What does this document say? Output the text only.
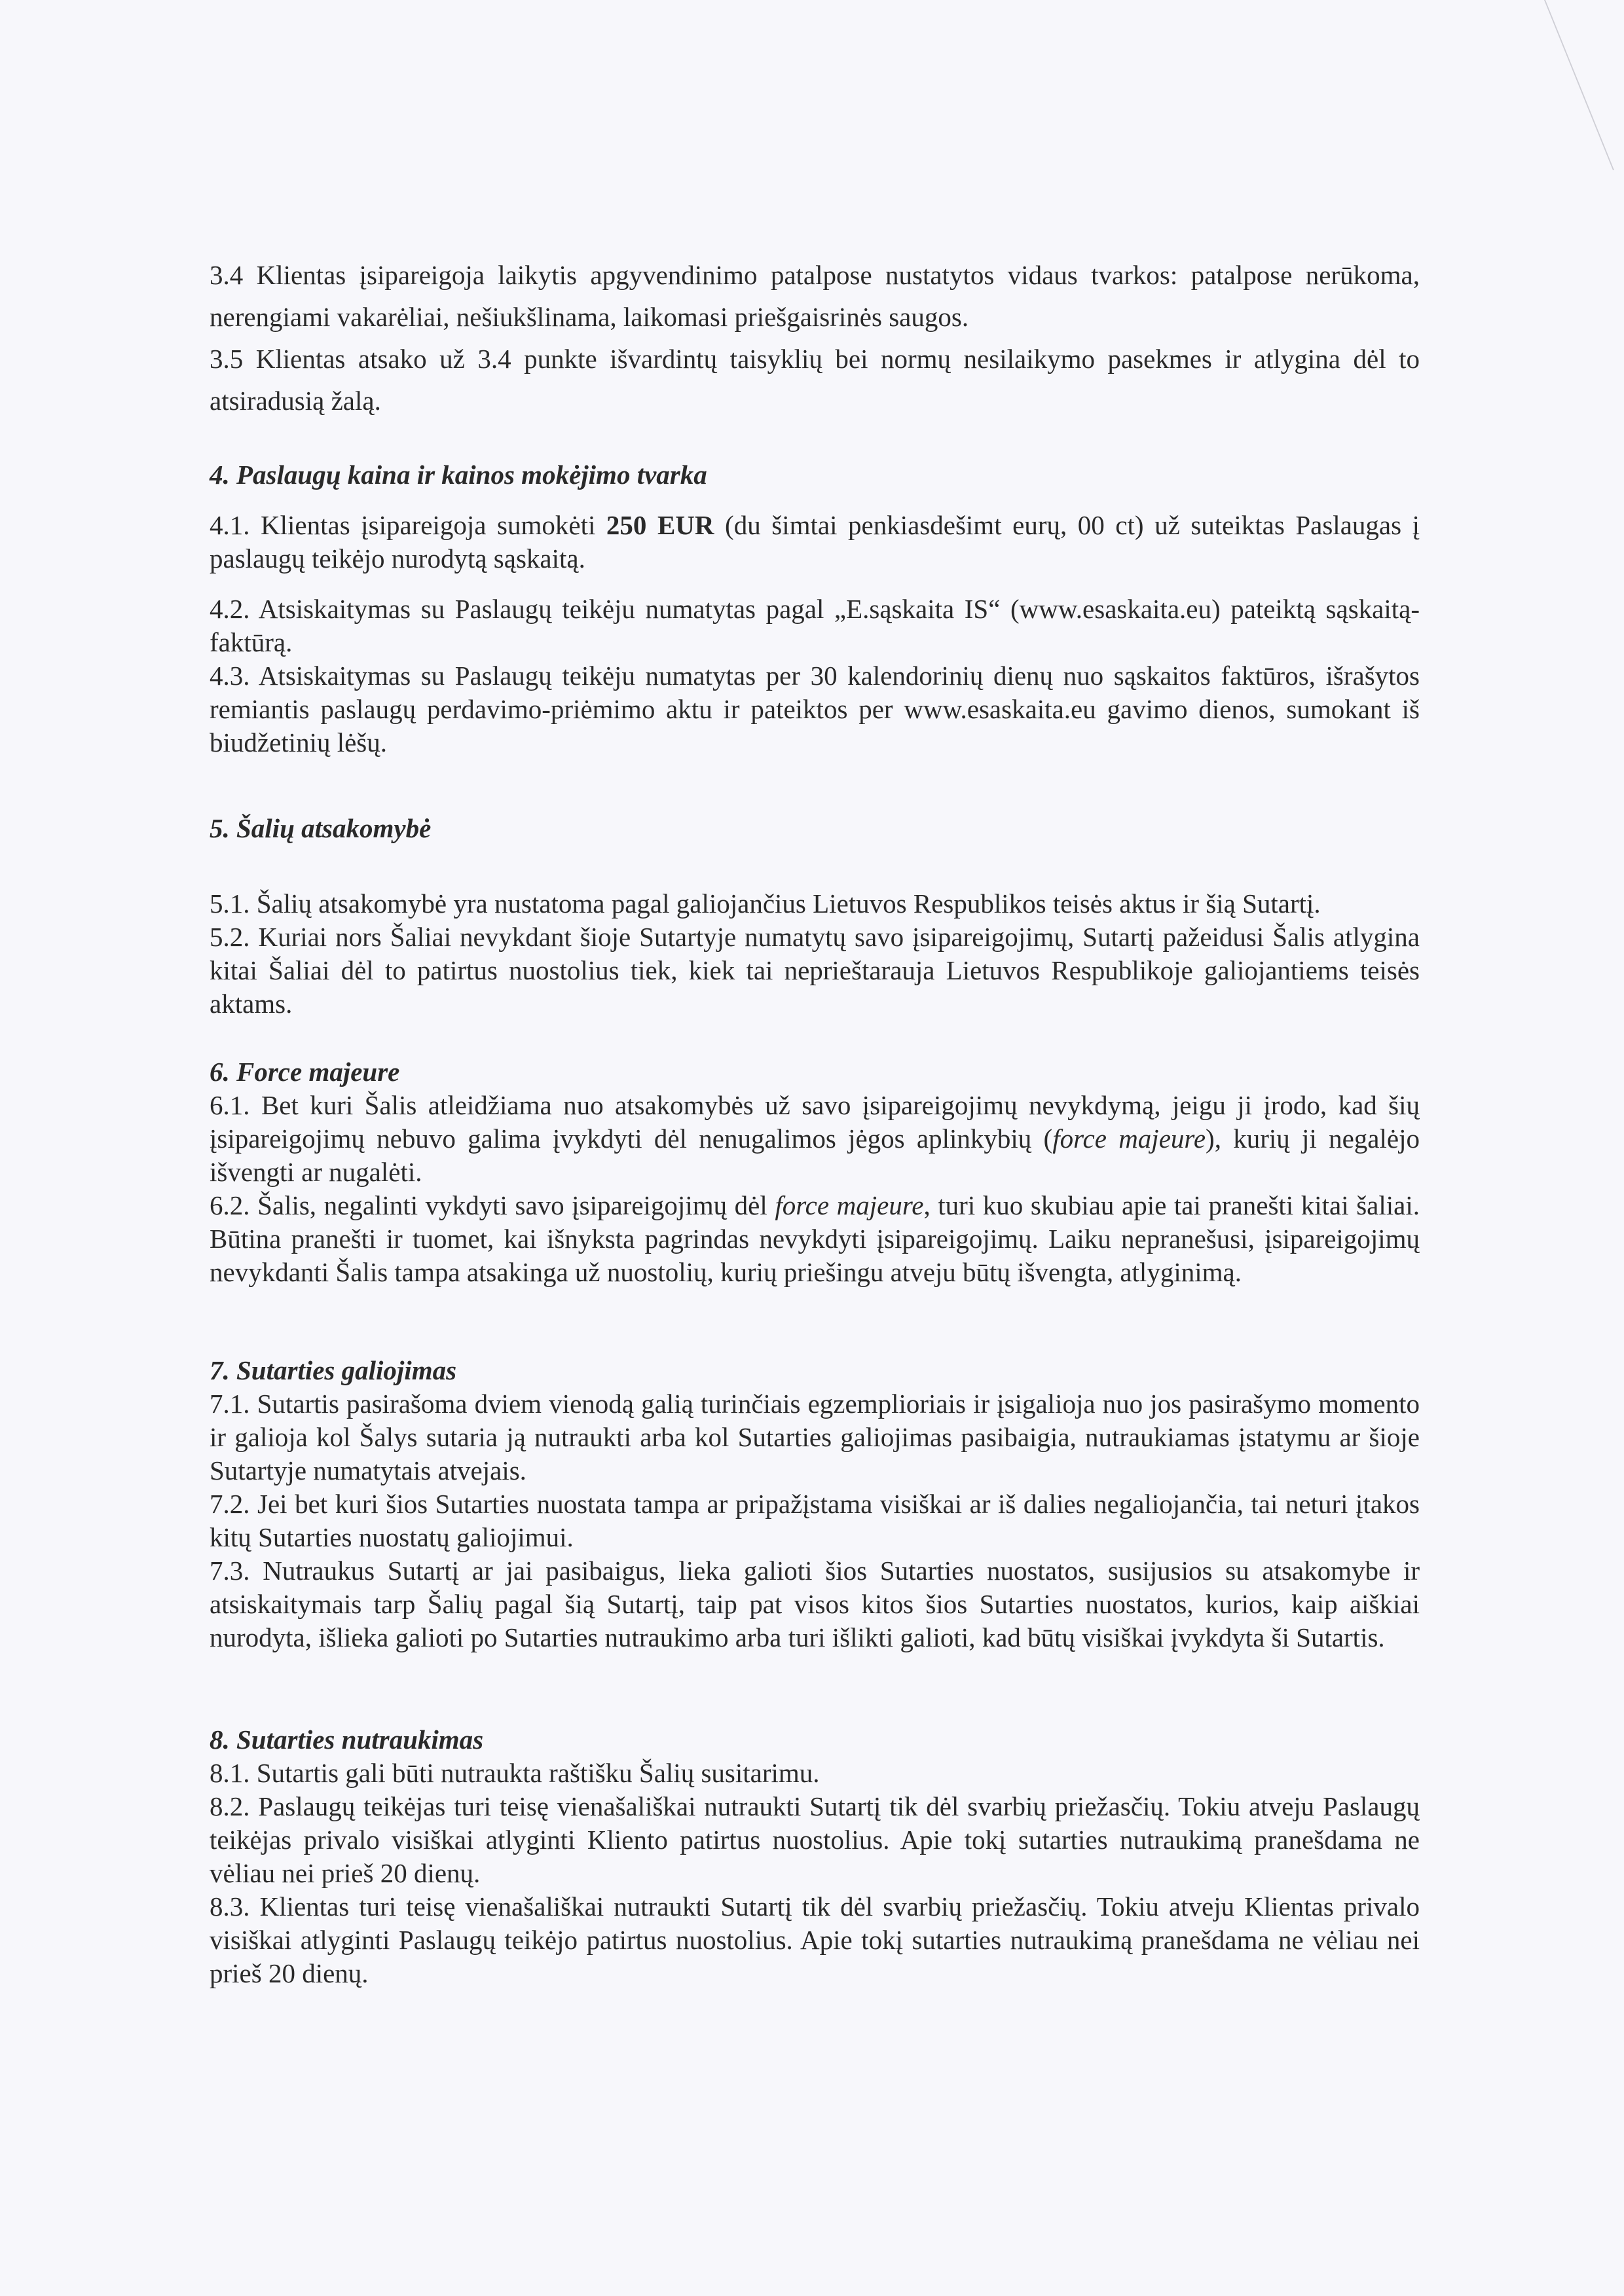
3.4 Klientas įsipareigoja laikytis apgyvendinimo patalpose nustatytos vidaus tvarkos: patalpose nerūkoma, nerengiami vakarėliai, nešiukšlinama, laikomasi priešgaisrinės saugos.

3.5 Klientas atsako už 3.4 punkte išvardintų taisyklių bei normų nesilaikymo pasekmes ir atlygina dėl to atsiradusią žalą.

4. Paslaugų kaina ir kainos mokėjimo tvarka

4.1. Klientas įsipareigoja sumokėti 250 EUR (du šimtai penkiasdešimt eurų, 00 ct) už suteiktas Paslaugas į paslaugų teikėjo nurodytą sąskaitą.

4.2. Atsiskaitymas su Paslaugų teikėju numatytas pagal „E.sąskaita IS“ (www.esaskaita.eu) pateiktą sąskaitą-faktūrą.

4.3. Atsiskaitymas su Paslaugų teikėju numatytas per 30 kalendorinių dienų nuo sąskaitos faktūros, išrašytos remiantis paslaugų perdavimo-priėmimo aktu ir pateiktos per www.esaskaita.eu gavimo dienos, sumokant iš biudžetinių lėšų.

5. Šalių atsakomybė

5.1. Šalių atsakomybė yra nustatoma pagal galiojančius Lietuvos Respublikos teisės aktus ir šią Sutartį.

5.2. Kuriai nors Šaliai nevykdant šioje Sutartyje numatytų savo įsipareigojimų, Sutartį pažeidusi Šalis atlygina kitai Šaliai dėl to patirtus nuostolius tiek, kiek tai neprieštarauja Lietuvos Respublikoje galiojantiems teisės aktams.

6. Force majeure

6.1. Bet kuri Šalis atleidžiama nuo atsakomybės už savo įsipareigojimų nevykdymą, jeigu ji įrodo, kad šių įsipareigojimų nebuvo galima įvykdyti dėl nenugalimos jėgos aplinkybių (force majeure), kurių ji negalėjo išvengti ar nugalėti.

6.2. Šalis, negalinti vykdyti savo įsipareigojimų dėl force majeure, turi kuo skubiau apie tai pranešti kitai šaliai. Būtina pranešti ir tuomet, kai išnyksta pagrindas nevykdyti įsipareigojimų. Laiku nepranešusi, įsipareigojimų nevykdanti Šalis tampa atsakinga už nuostolių, kurių priešingu atveju būtų išvengta, atlyginimą.

7. Sutarties galiojimas

7.1. Sutartis pasirašoma dviem vienodą galią turinčiais egzemplioriais ir įsigalioja nuo jos pasirašymo momento ir galioja kol Šalys sutaria ją nutraukti arba kol Sutarties galiojimas pasibaigia, nutraukiamas įstatymu ar šioje Sutartyje numatytais atvejais.

7.2. Jei bet kuri šios Sutarties nuostata tampa ar pripažįstama visiškai ar iš dalies negaliojančia, tai neturi įtakos kitų Sutarties nuostatų galiojimui.

7.3. Nutraukus Sutartį ar jai pasibaigus, lieka galioti šios Sutarties nuostatos, susijusios su atsakomybe ir atsiskaitymais tarp Šalių pagal šią Sutartį, taip pat visos kitos šios Sutarties nuostatos, kurios, kaip aiškiai nurodyta, išlieka galioti po Sutarties nutraukimo arba turi išlikti galioti, kad būtų visiškai įvykdyta ši Sutartis.

8. Sutarties nutraukimas

8.1. Sutartis gali būti nutraukta raštišku Šalių susitarimu.

8.2. Paslaugų teikėjas turi teisę vienašališkai nutraukti Sutartį tik dėl svarbių priežasčių. Tokiu atveju Paslaugų teikėjas privalo visiškai atlyginti Kliento patirtus nuostolius. Apie tokį sutarties nutraukimą pranešdama ne vėliau nei prieš 20 dienų.

8.3. Klientas turi teisę vienašališkai nutraukti Sutartį tik dėl svarbių priežasčių. Tokiu atveju Klientas privalo visiškai atlyginti Paslaugų teikėjo patirtus nuostolius. Apie tokį sutarties nutraukimą pranešdama ne vėliau nei prieš 20 dienų.
